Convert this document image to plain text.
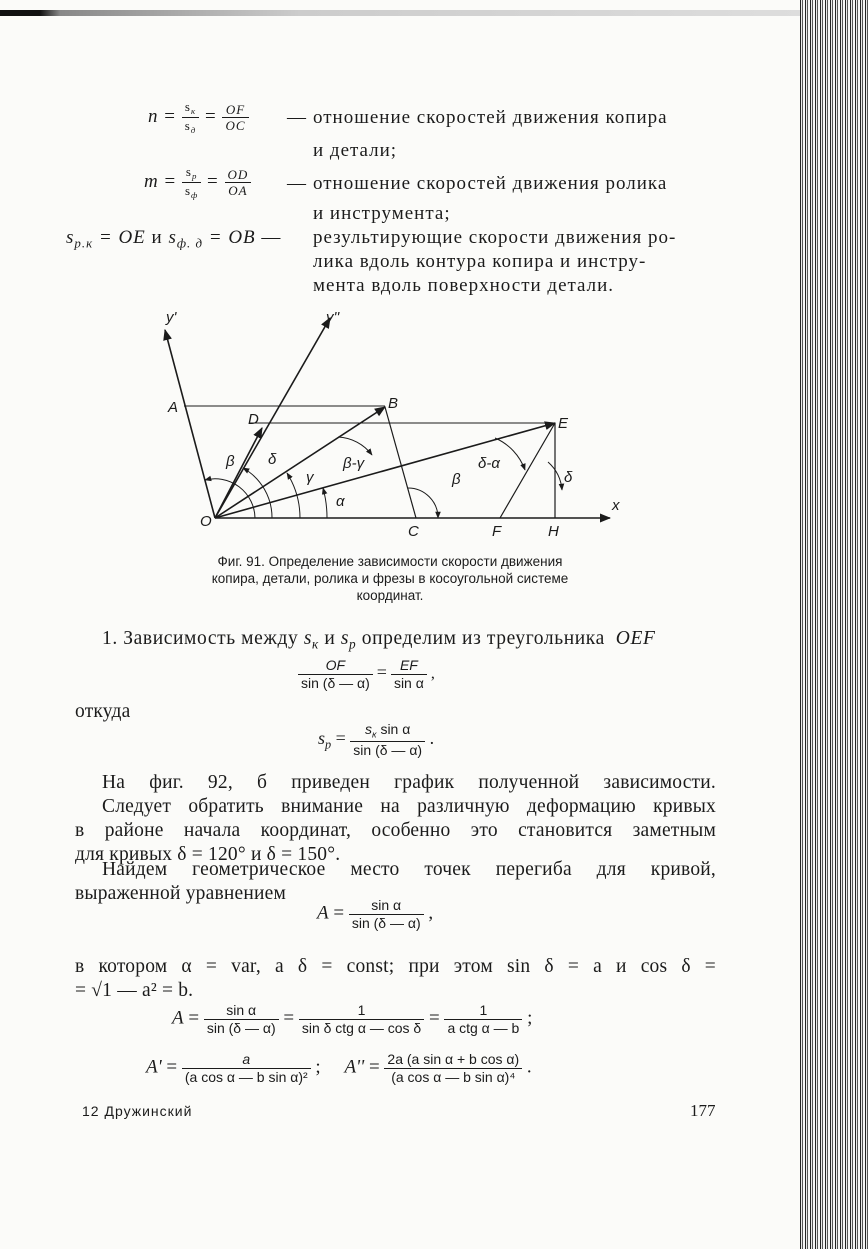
$n = \frac{s_к}{s_д} = \frac{OF}{OC}$ — отношение скоростей движения копира
и детали;
$m = \frac{s_р}{s_ф} = \frac{OD}{OA}$ — отношение скоростей движения ролика
и инструмента;
$s_{р.к}$ = OE и $s_{ф. д}$ = OB — результирующие скорости движения ро-
лика вдоль контура копира и инстру-
мента вдоль поверхности детали.
y'	y''
A	B
D	E
O
C	F	H
x
β δ
γ
α
β-γ
β
δ-α
δ
Фиг. 91. Определение зависимости скорости движения
копира, детали, ролика и фрезы в косоугольной системе
координат.
1. Зависимость между $s_к$ и $s_р$ определим из треугольника OEF
$\frac{OF}{\sin (\delta — \alpha)} = \frac{EF}{\text{sin α}}$ ,
откуда
$s_р = \frac{s_к \sin \alpha}{\sin (\delta — \alpha)}$ .
На фиг. 92, б приведен график полученной зависимости.
Следует обратить внимание на различную деформацию кривых
в районе начала координат, особенно это становится заметным
для кривых δ = 120° и δ = 150°.
Найдем геометрическое место точек перегиба для кривой,
выраженной уравнением
$A = \frac{\text{sin α}}{\sin (\delta — \alpha)}$ ,
в котором α = var, а δ = const; при этом sin δ = a и cos δ =
= √1 — a² = b.
$A = \frac{\text{sin α}}{\sin (\delta — \alpha)} = \frac{1}{\text{sin δ ctg α — cos δ}} = \frac{1}{\text{a ctg α — b}}$ ;
$A' = \frac{a}{\text{(a cos α — b sin α)²}}$ ;     $A'' = \frac{\text{2a (a sin α + b cos α)}}{\text{(a cos α — b sin α)⁴}}$ .
12 Дружинский	177
